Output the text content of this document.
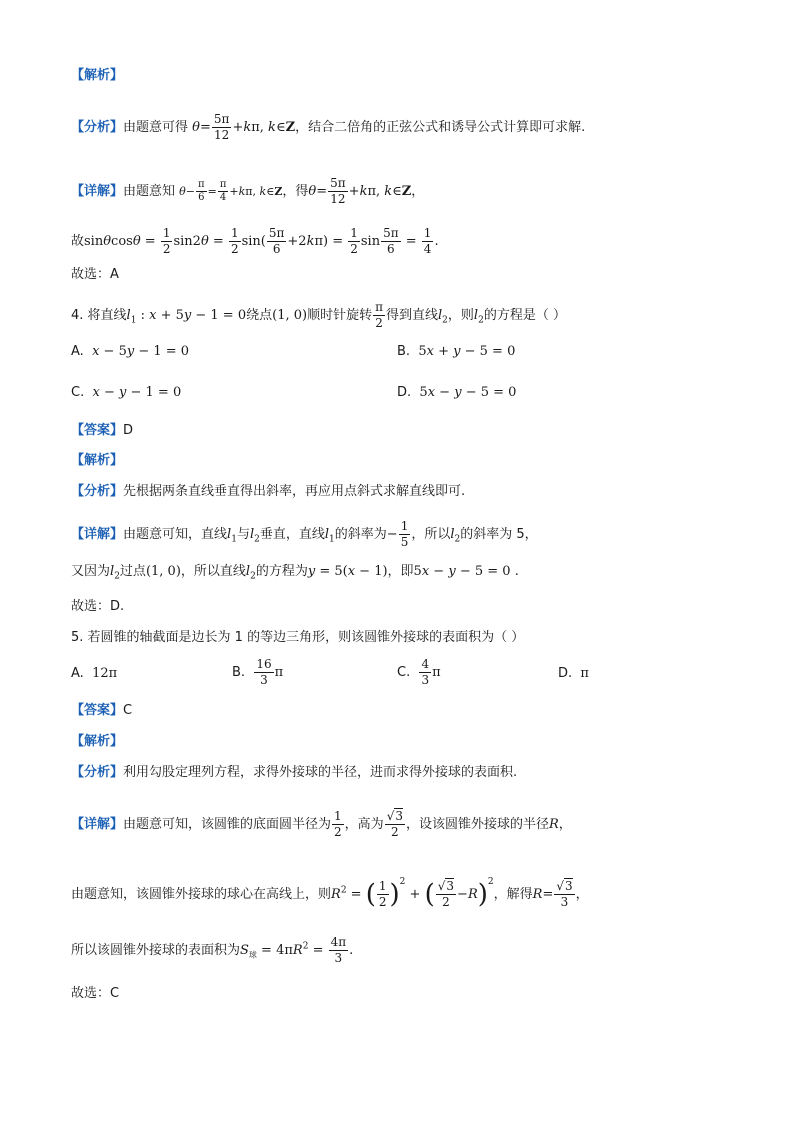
【解析】
【分析】由题意可得 $\theta= \frac{5\pi}{12} +k\pi$, k∈Z，结合二倍角的正弦公式和诱导公式计算即可求解.
【详解】由题意知 $\theta- \frac{\pi}{6} = \frac{\pi}{4} +k\pi$, k∈Z，得$\theta= \frac{5\pi}{12} +k\pi$, k∈Z，
故$\sin\theta\cos\theta = \frac{1}{2} \sin 2\theta = \frac{1}{2} \sin( \frac{5\pi}{6} +2k\pi) = \frac{1}{2}$ $\sin \frac{5\pi}{6} = \frac{1}{4}$ .
故选：A
4. 将直线$l_1$ : x + 5y − 1 = 0绕点(1, 0)顺时针旋转 $\frac{\pi}{2}$ 得到直线$l_2$，则$l_2$的方程是（ ）
A. x − 5y − 1 = 0	B. 5x + y − 5 = 0
C. x − y − 1 = 0	D. 5x − y − 5 = 0
【答案】D
【解析】
【分析】先根据两条直线垂直得出斜率，再应用点斜式求解直线即可.
【详解】由题意可知，直线$l_1$与$l_2$垂直，直线$l_1$的斜率为− $\frac{1}{5}$ ，所以$l_2$的斜率为 5，
又因为$l_2$过点(1, 0)，所以直线$l_2$的方程为y = 5(x − 1)，即5x − y − 5 = 0 .
故选：D.
5. 若圆锥的轴截面是边长为 1 的等边三角形，则该圆锥外接球的表面积为（ ）
A. 12π	B. $\frac{16}{3}$ π	C. $\frac{4}{3}$ π	D. π
【答案】C
【解析】
【分析】利用勾股定理列方程，求得外接球的半径，进而求得外接球的表面积.
【详解】由题意可知，该圆锥的底面圆半径为 $\frac{1}{2}$ ，高为 $\frac{√3}{2}$ ，设该圆锥外接球的半径R，
由题意知，该圆锥外接球的球心在高线上，则$R^2$ = ( $\frac{1}{2} )^2$ + ( $\frac{√3}{2} -R)^2$，解得$R= \frac{√3}{3}$ ，
所以该圆锥外接球的表面积为$S_球 = 4\pi R^2 = \frac{4\pi}{3}$ .
故选：C
